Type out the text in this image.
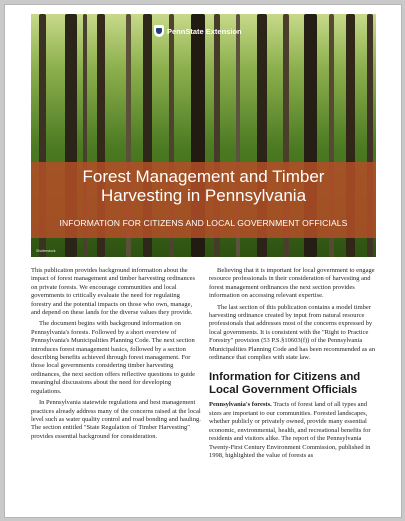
PennState Extension
Forest Management and Timber
Harvesting in Pennsylvania
INFORMATION FOR CITIZENS AND LOCAL GOVERNMENT OFFICIALS
Shutterstock

This publication provides background information about the impact of forest management and timber harvesting ordinances on private forests. We encourage communities and local governments to critically evaluate the need for regulating forestry and the potential impacts on those who own, manage, and depend on these lands for the diverse values they provide.

The document begins with background information on Pennsylvania's forests. Followed by a short overview of Pennsylvania's Municipalities Planning Code. The next section introduces forest management basics, followed by a section describing benefits achieved through forest management. For those local governments considering timber harvesting ordinances, the next section offers reflective questions to guide meaningful discussions about the need for developing regulations.

In Pennsylvania statewide regulations and best management practices already address many of the concerns raised at the local level such as water quality control and road bonding and hauling. The section entitled "State Regulation of Timber Harvesting" provides essential background for consideration.

Believing that it is important for local government to engage resource professionals in their consideration of harvesting and forest management ordinances the next section provides information on accessing relevant expertise.

The last section of this publication contains a model timber harvesting ordinance created by input from natural resource professionals that addresses most of the concerns expressed by local governments. It is consistent with the "Right to Practice Forestry" provision (53 P.S.§10603(f)) of the Pennsylvania Municipalities Planning Code and has been recommended as an ordinance that complies with state law.

Information for Citizens and Local Government Officials

Pennsylvania's forests. Tracts of forest land of all types and sizes are important to our communities. Forested landscapes, whether publicly or privately owned, provide many essential economic, environmental, health, and recreational benefits for residents and visitors alike. The report of the Pennsylvania Twenty-First Century Environment Commission, published in 1998, highlighted the value of forests as
